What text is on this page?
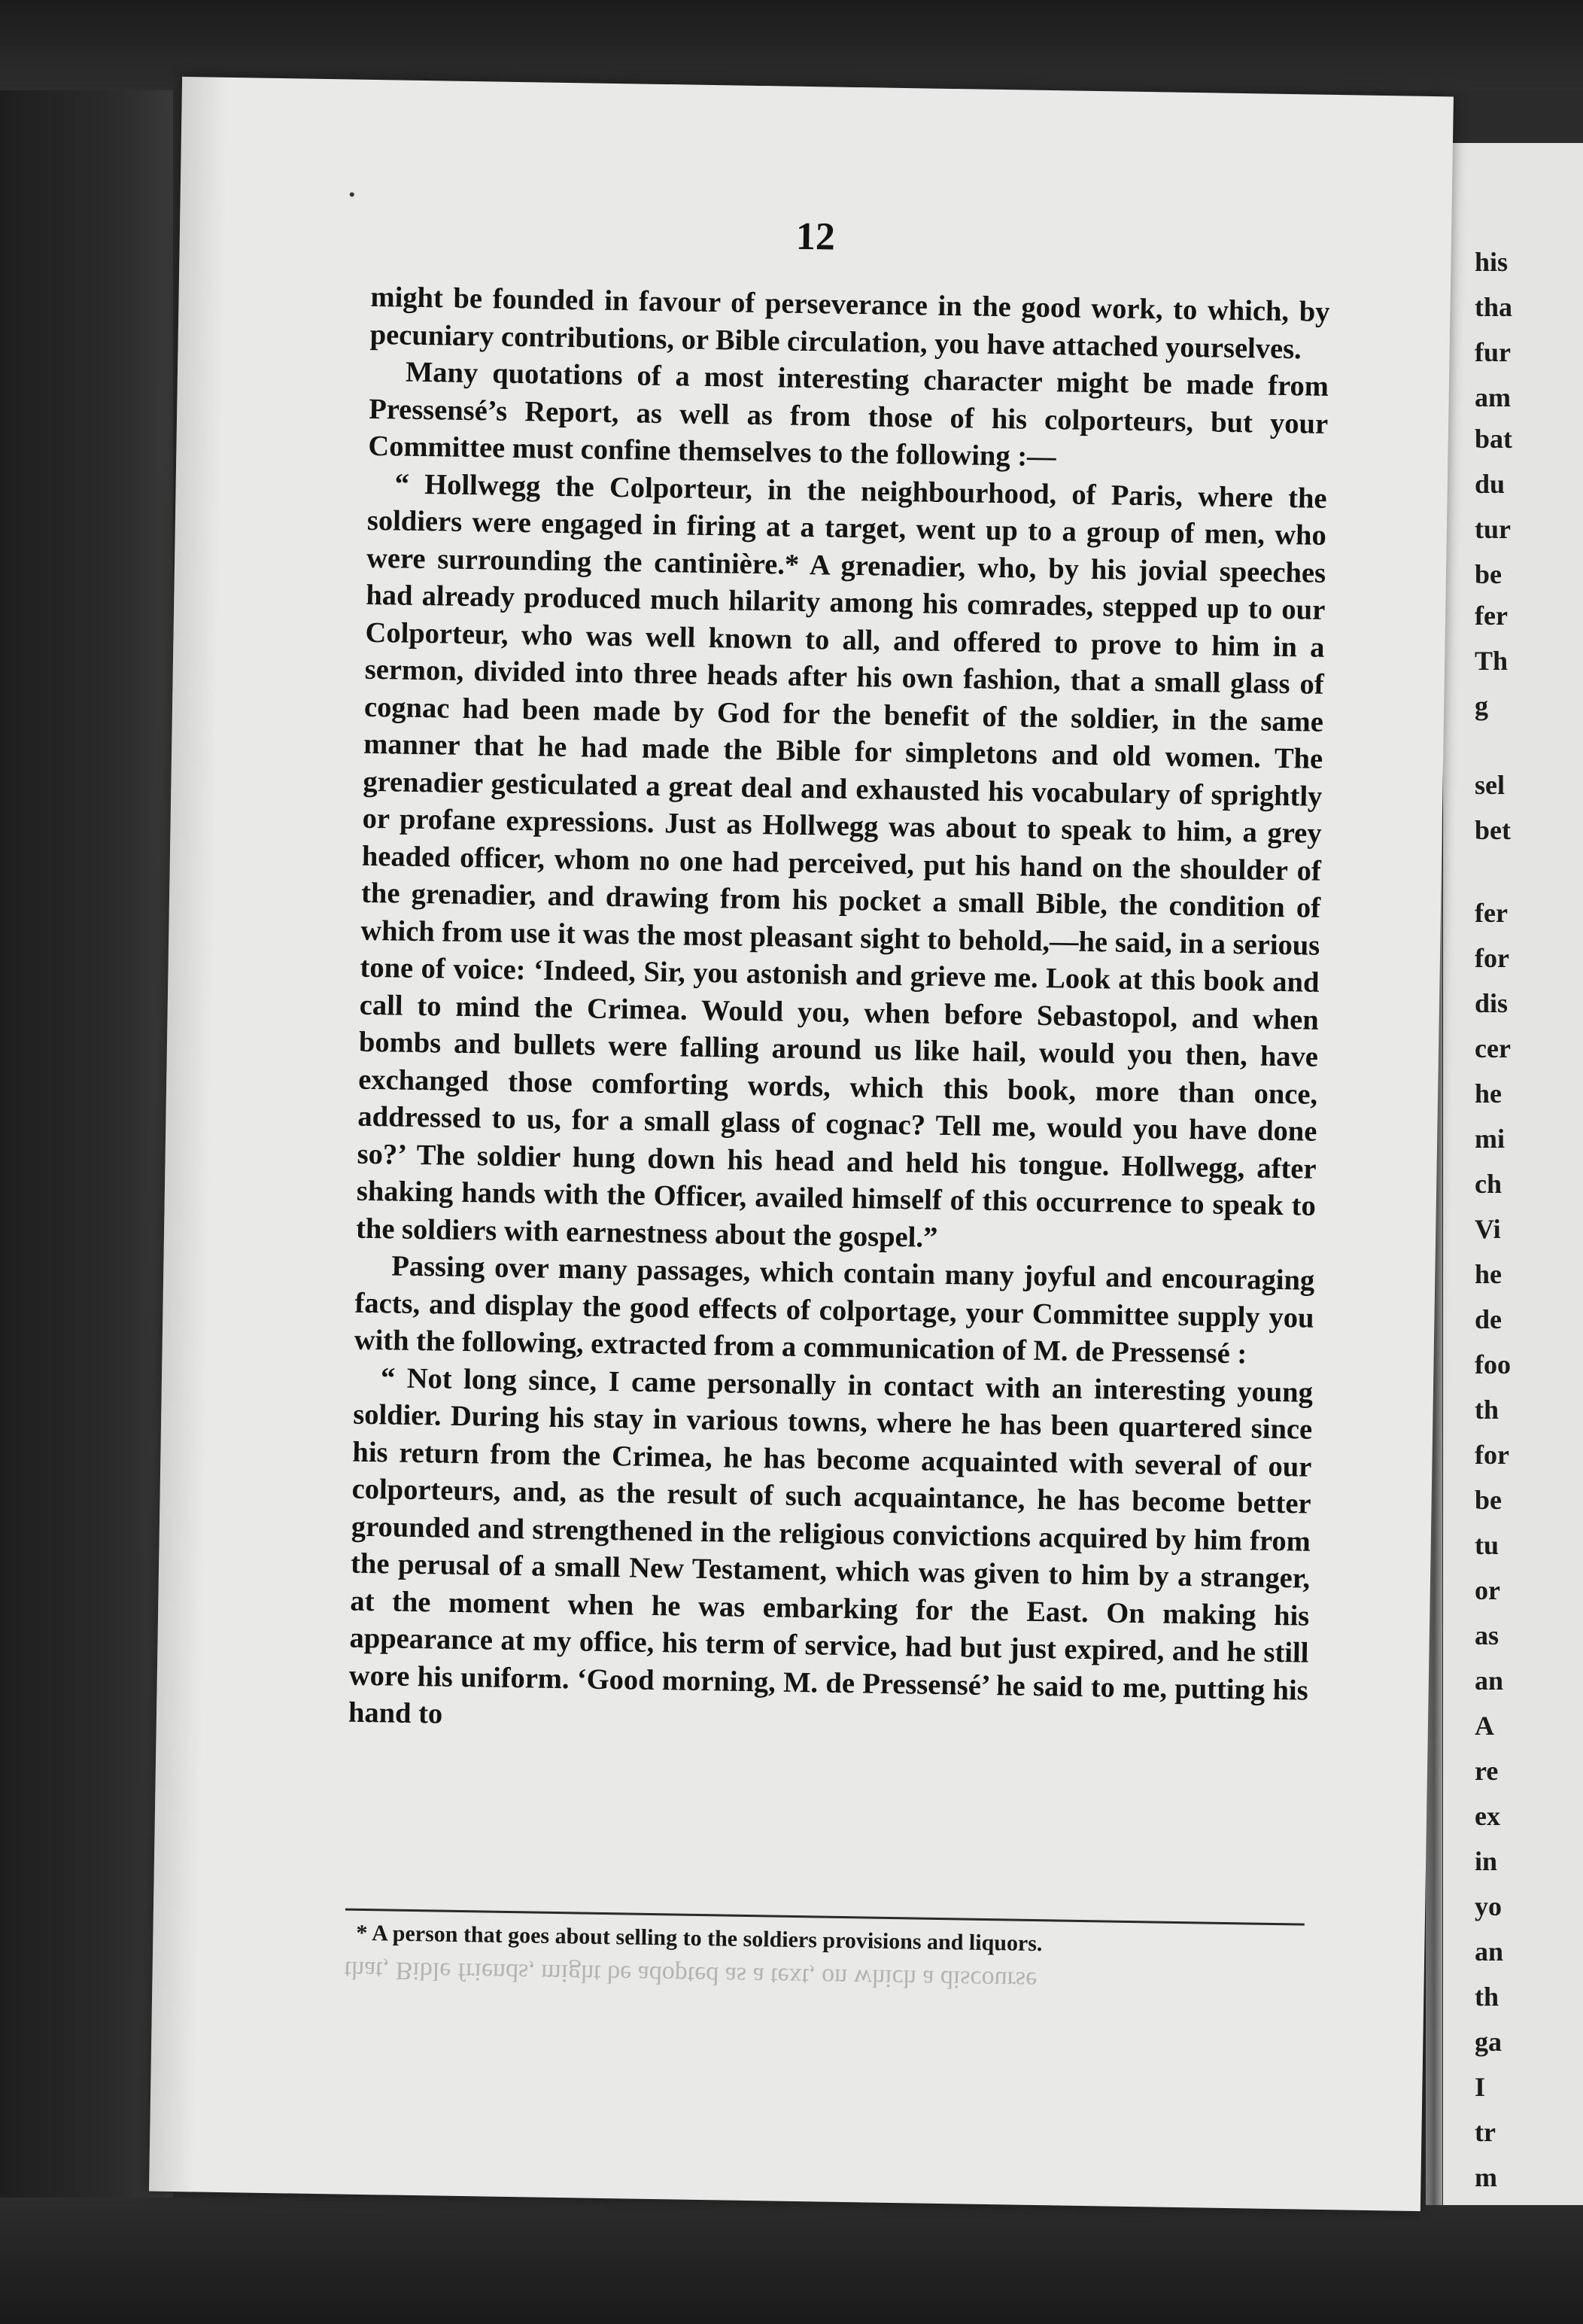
his
tha
fur
am
bat
du
tur
be
fer
Th
g
sel
bet
fer
for
dis
cer
he
mi
ch
Vi
he
de
foo
th
for
be
tu
or
as
an
A
re
ex
in
yo
an
th
ga
I
tr
m
12

might be founded in favour of perseverance in the good work, to which, by pecuniary contributions, or Bible circulation, you have attached yourselves.

Many quotations of a most interesting character might be made from Pressensé’s Report, as well as from those of his colporteurs, but your Committee must confine themselves to the following :—

“ Hollwegg the Colporteur, in the neighbourhood, of Paris, where the soldiers were engaged in firing at a target, went up to a group of men, who were surrounding the cantinière.* A grenadier, who, by his jovial speeches had already produced much hilarity among his comrades, stepped up to our Colporteur, who was well known to all, and offered to prove to him in a sermon, divided into three heads after his own fashion, that a small glass of cognac had been made by God for the benefit of the soldier, in the same manner that he had made the Bible for simpletons and old women. The grenadier gesticulated a great deal and exhausted his vocabulary of sprightly or profane expressions. Just as Hollwegg was about to speak to him, a grey headed officer, whom no one had perceived, put his hand on the shoulder of the grenadier, and drawing from his pocket a small Bible, the condition of which from use it was the most pleasant sight to behold,—he said, in a serious tone of voice: ‘Indeed, Sir, you astonish and grieve me. Look at this book and call to mind the Crimea. Would you, when before Sebastopol, and when bombs and bullets were falling around us like hail, would you then, have exchanged those comforting words, which this book, more than once, addressed to us, for a small glass of cognac? Tell me, would you have done so?’ The soldier hung down his head and held his tongue. Hollwegg, after shaking hands with the Officer, availed himself of this occurrence to speak to the soldiers with earnestness about the gospel.”

Passing over many passages, which contain many joyful and encouraging facts, and display the good effects of colportage, your Committee supply you with the following, extracted from a communication of M. de Pressensé :

“ Not long since, I came personally in contact with an interesting young soldier. During his stay in various towns, where he has been quartered since his return from the Crimea, he has become acquainted with several of our colporteurs, and, as the result of such acquaintance, he has become better grounded and strengthened in the religious convictions acquired by him from the perusal of a small New Testament, which was given to him by a stranger, at the moment when he was embarking for the East. On making his appearance at my office, his term of service, had but just expired, and he still wore his uniform. ‘Good morning, M. de Pressensé’ he said to me, putting his hand to

* A person that goes about selling to the soldiers provisions and liquors.
that, Bible friends, might be adopted as a text, on which a discourse
